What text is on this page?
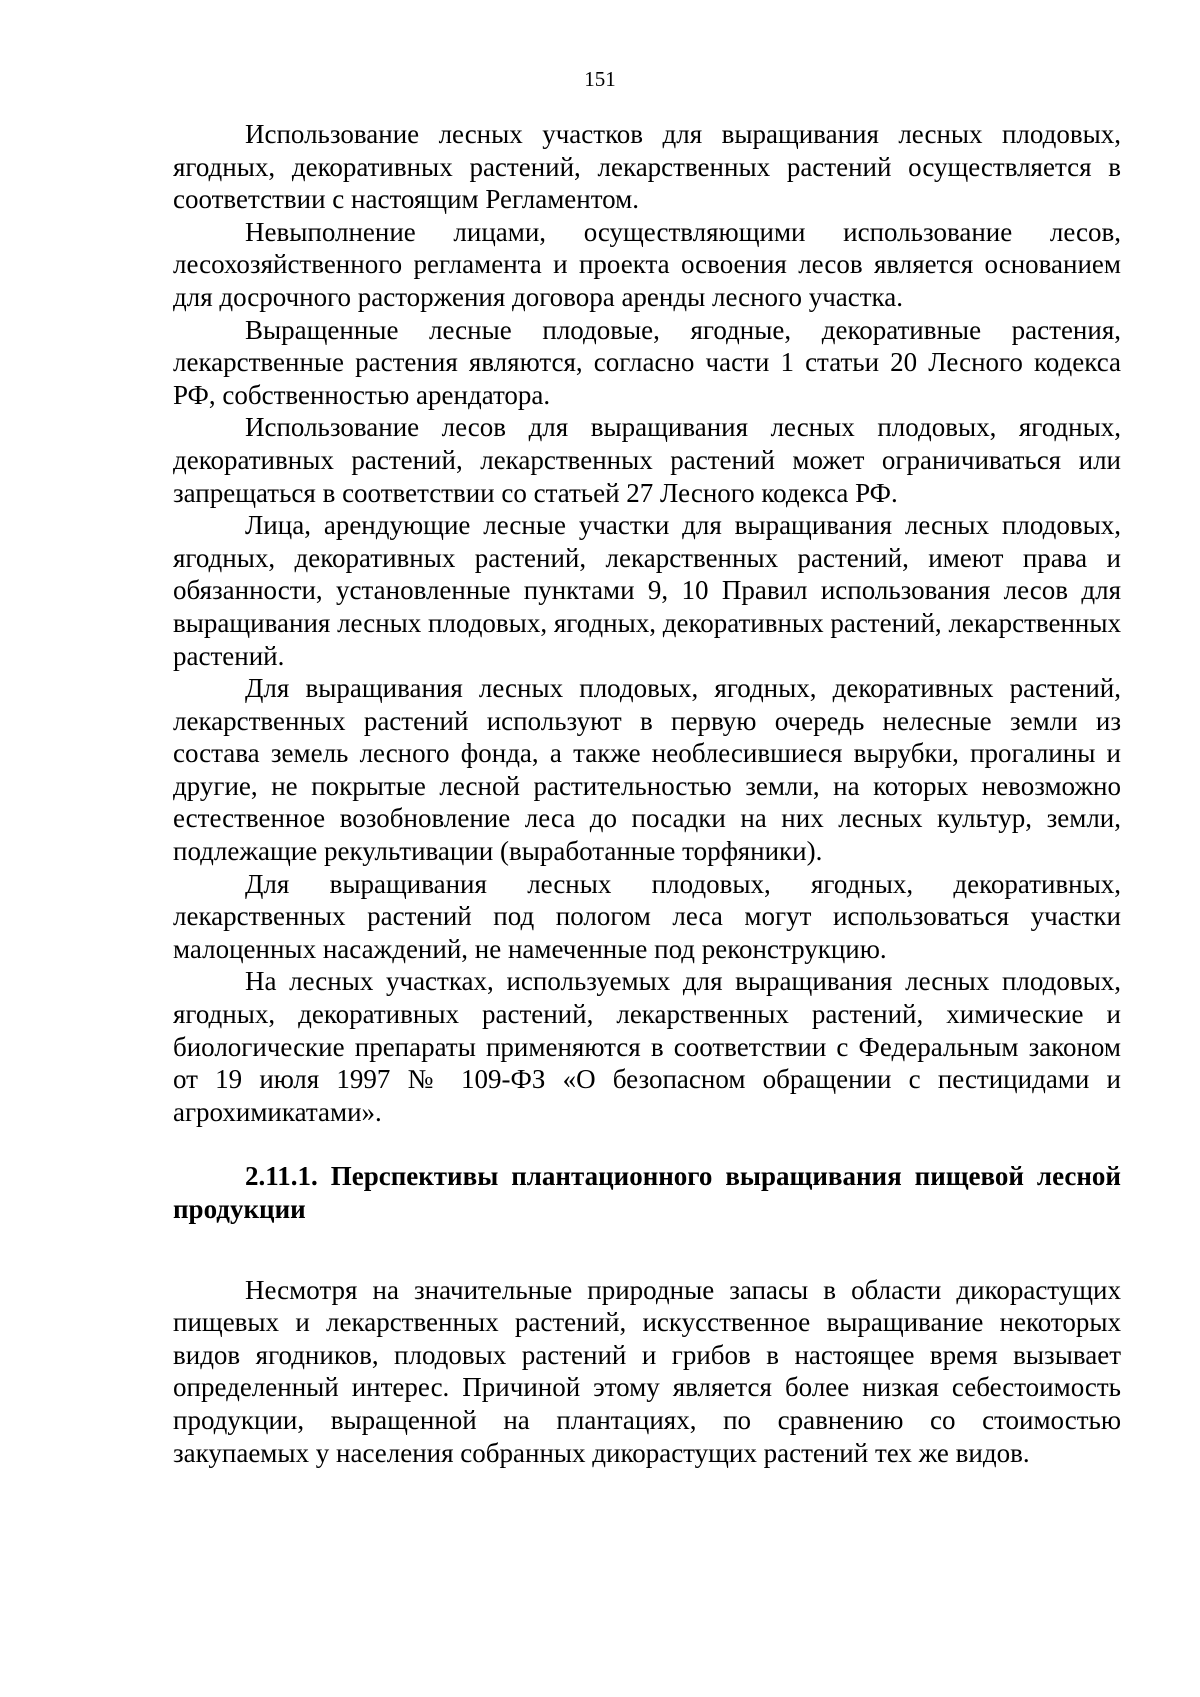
151

Использование лесных участков для выращивания лесных плодовых, ягодных, декоративных растений, лекарственных растений осуществляется в соответствии с настоящим Регламентом.

Невыполнение лицами, осуществляющими использование лесов, лесохозяйственного регламента и проекта освоения лесов является основанием для досрочного расторжения договора аренды лесного участка.

Выращенные лесные плодовые, ягодные, декоративные растения, лекарственные растения являются, согласно части 1 статьи 20 Лесного кодекса РФ, собственностью арендатора.

Использование лесов для выращивания лесных плодовых, ягодных, декоративных растений, лекарственных растений может ограничиваться или запрещаться в соответствии со статьей 27 Лесного кодекса РФ.

Лица, арендующие лесные участки для выращивания лесных плодовых, ягодных, декоративных растений, лекарственных растений, имеют права и обязанности, установленные пунктами 9, 10 Правил использования лесов для выращивания лесных плодовых, ягодных, декоративных растений, лекарственных растений.

Для выращивания лесных плодовых, ягодных, декоративных растений, лекарственных растений используют в первую очередь нелесные земли из состава земель лесного фонда, а также необлесившиеся вырубки, прогалины и другие, не покрытые лесной растительностью земли, на которых невозможно естественное возобновление леса до посадки на них лесных культур, земли, подлежащие рекультивации (выработанные торфяники).

Для выращивания лесных плодовых, ягодных, декоративных, лекарственных растений под пологом леса могут использоваться участки малоценных насаждений, не намеченные под реконструкцию.

На лесных участках, используемых для выращивания лесных плодовых, ягодных, декоративных растений, лекарственных растений, химические и биологические препараты применяются в соответствии с Федеральным законом от 19 июля 1997 № 109-ФЗ «О безопасном обращении с пестицидами и агрохимикатами».

2.11.1. Перспективы плантационного выращивания пищевой лесной продукции

Несмотря на значительные природные запасы в области дикорастущих пищевых и лекарственных растений, искусственное выращивание некоторых видов ягодников, плодовых растений и грибов в настоящее время вызывает определенный интерес. Причиной этому является более низкая себестоимость продукции, выращенной на плантациях, по сравнению со стоимостью закупаемых у населения собранных дикорастущих растений тех же видов.
